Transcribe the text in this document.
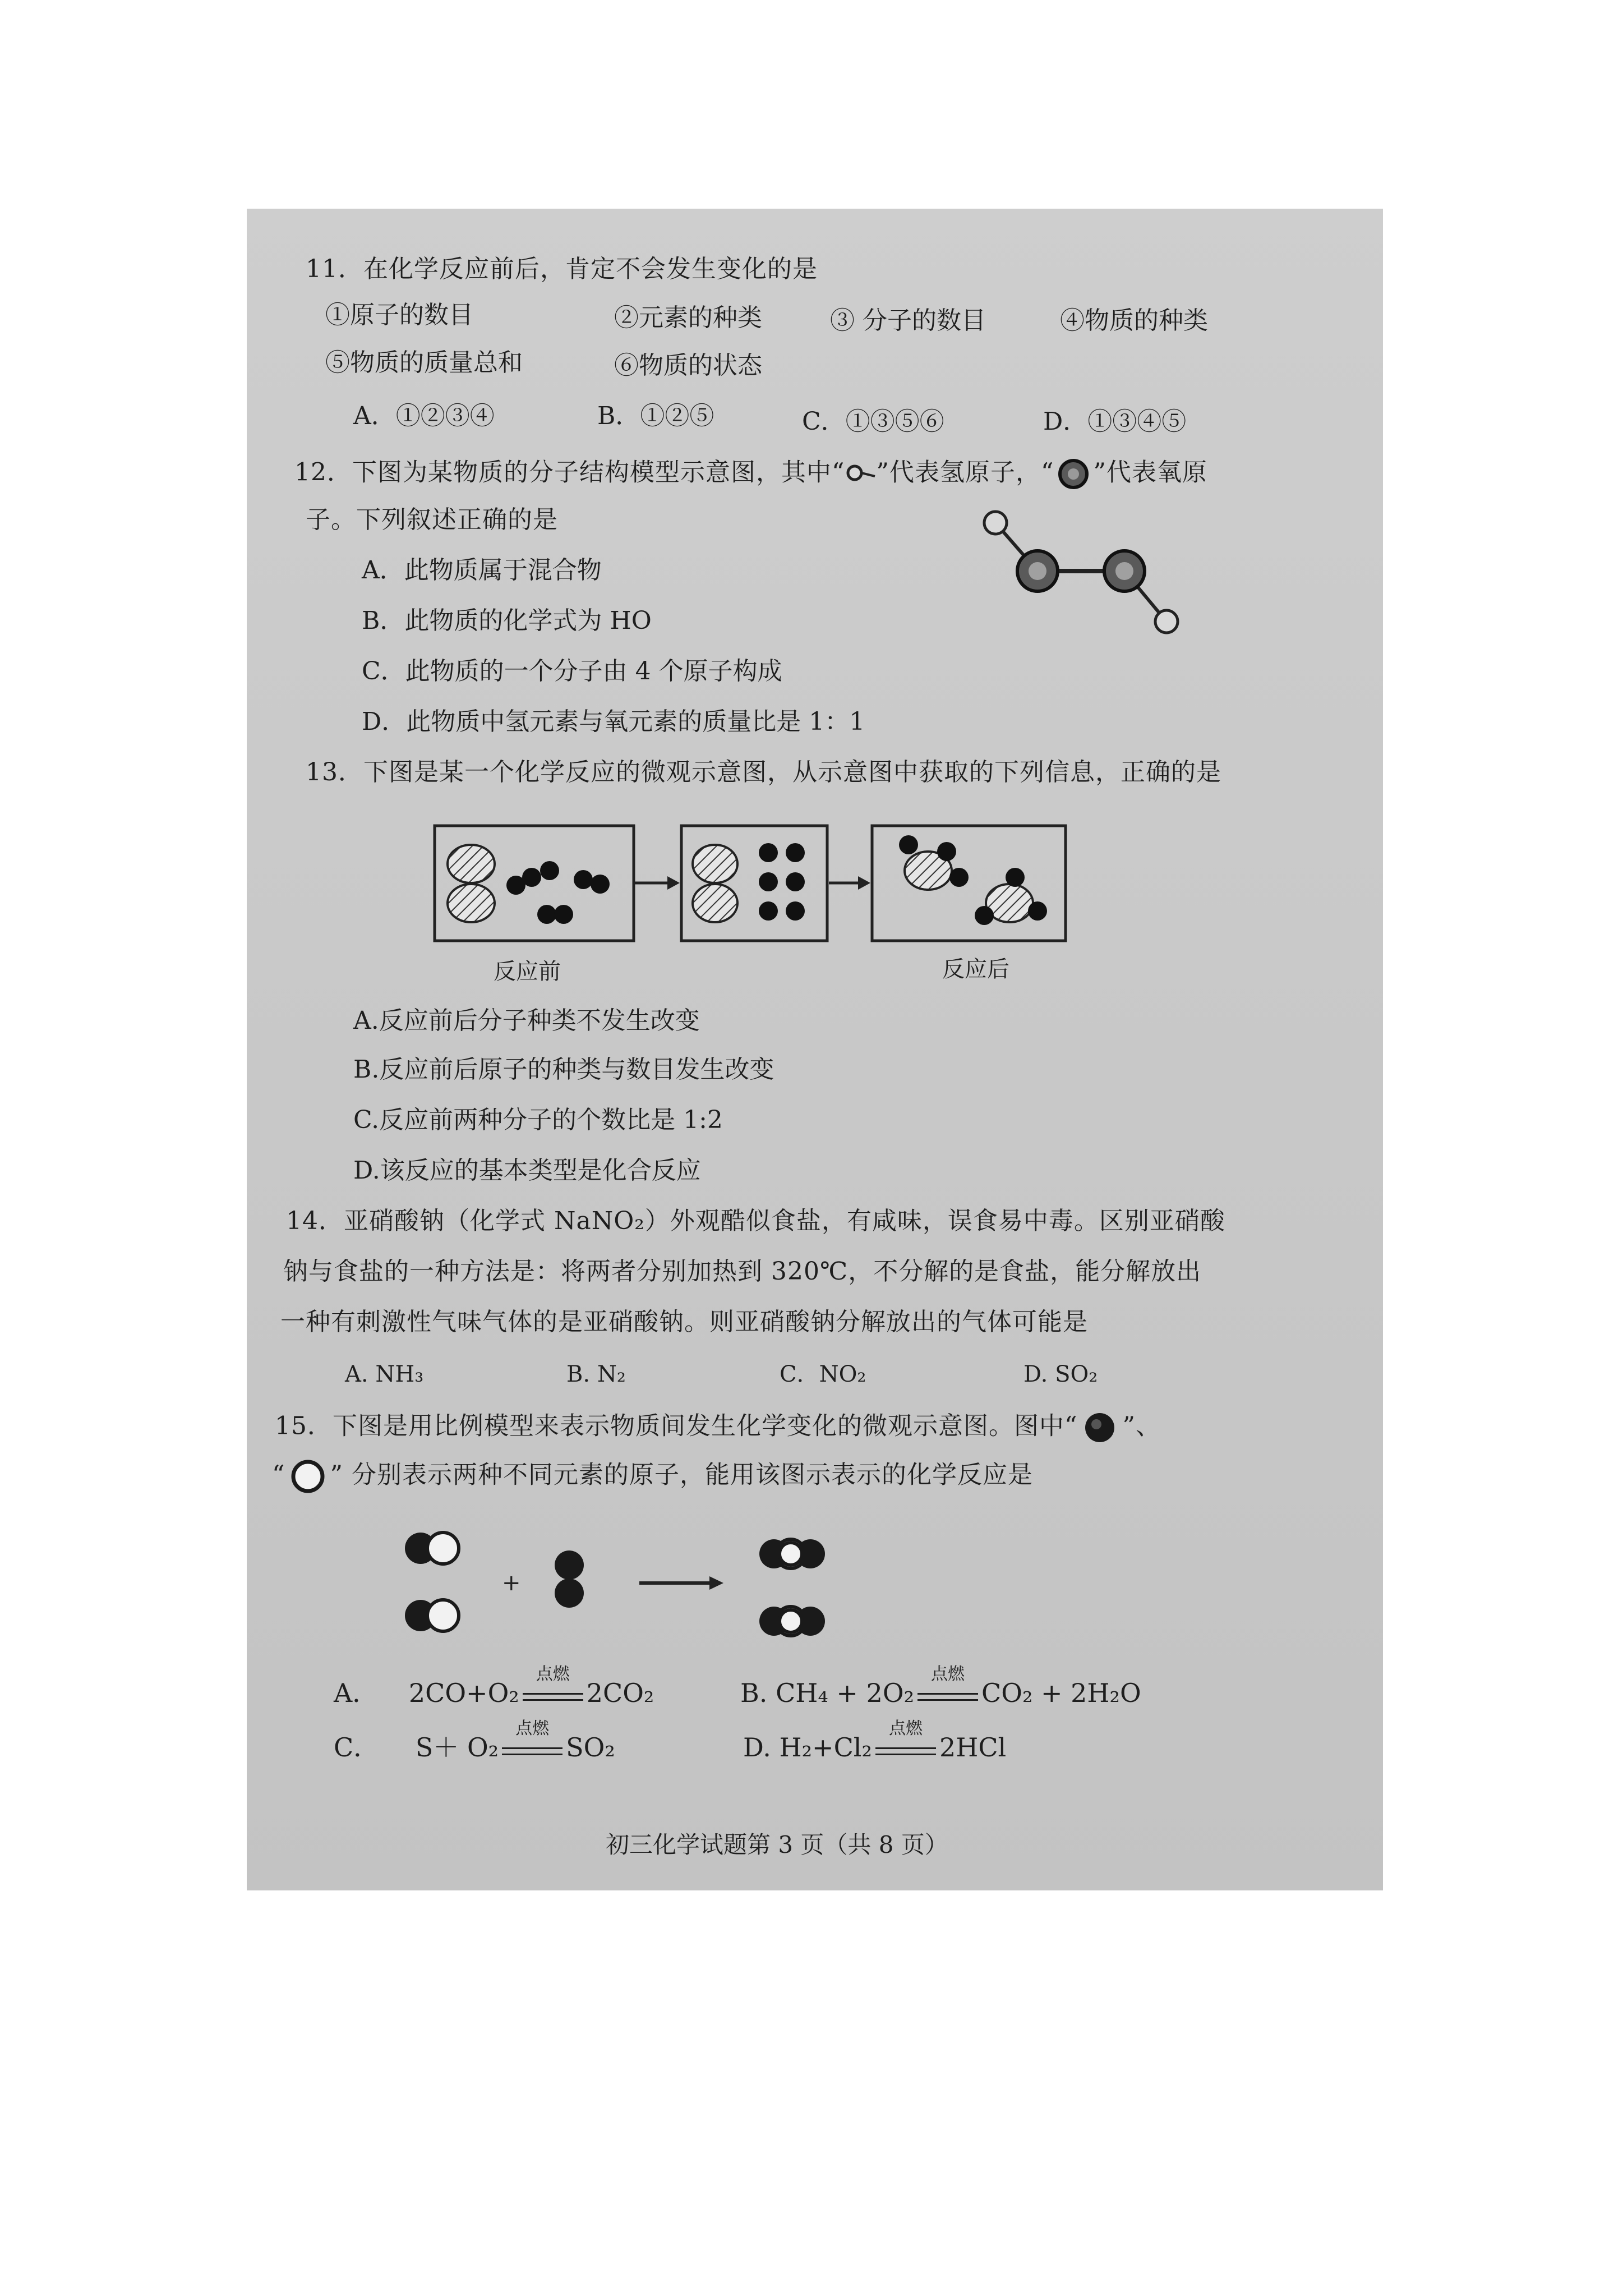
11．在化学反应前后，肯定不会发生变化的是
①原子的数目	②元素的种类	③ 分子的数目	④物质的种类
⑤物质的质量总和	⑥物质的状态
A．①②③④	B．①②⑤	C．①③⑤⑥	D．①③④⑤
12．下图为某物质的分子结构模型示意图，其中“ ”代表氢原子，“ ”代表氧原
子。下列叙述正确的是
A．此物质属于混合物
B．此物质的化学式为 HO
C．此物质的一个分子由 4 个原子构成
D．此物质中氢元素与氧元素的质量比是 1：1
13．下图是某一个化学反应的微观示意图，从示意图中获取的下列信息，正确的是
反应前	反应后
A.反应前后分子种类不发生改变
B.反应前后原子的种类与数目发生改变
C.反应前两种分子的个数比是 1:2
D.该反应的基本类型是化合反应
14．亚硝酸钠（化学式 NaNO₂）外观酷似食盐，有咸味，误食易中毒。区别亚硝酸
钠与食盐的一种方法是：将两者分别加热到 320℃，不分解的是食盐，能分解放出
一种有刺激性气味气体的是亚硝酸钠。则亚硝酸钠分解放出的气体可能是
A. NH₃	B. N₂	C．NO₂	D. SO₂
15．下图是用比例模型来表示物质间发生化学变化的微观示意图。图中“ ”、
“ ” 分别表示两种不同元素的原子，能用该图示表示的化学反应是
+
A． 2CO+O₂
点燃
2CO₂	B. CH₄ + 2O₂
点燃
CO₂ + 2H₂O
C． S＋ O₂
点燃
SO₂	D. H₂+Cl₂
点燃
2HCl
初三化学试题第 3 页（共 8 页）
